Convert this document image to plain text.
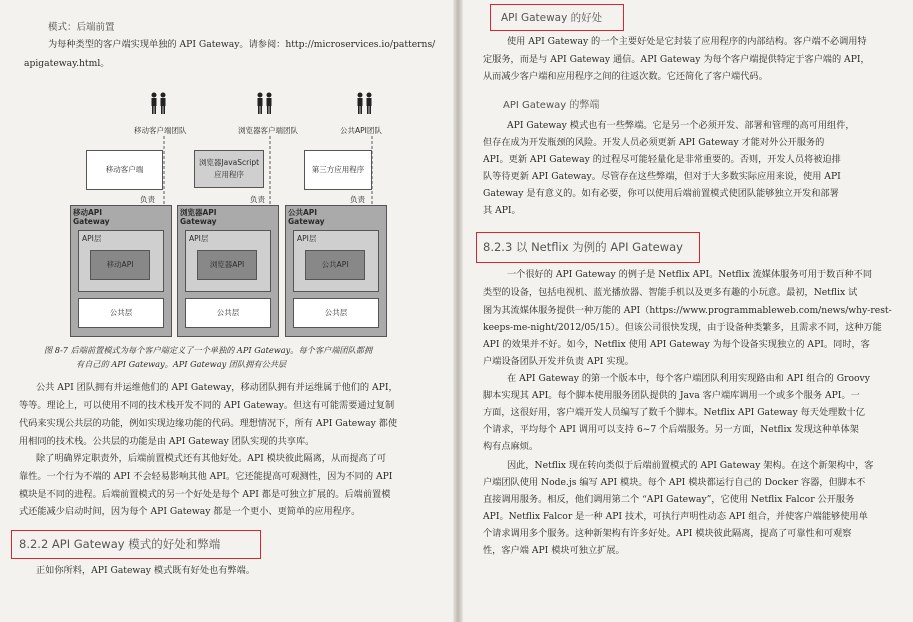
模式：后端前置
为每种类型的客户端实现单独的 API Gateway。请参阅：http://microservices.io/patterns/
apigateway.html。
移动客户端团队	浏览器客户端团队	公共API团队
移动客户端
浏览器JavaScript
应用程序
第三方应用程序
负责	负责	负责
移动API
Gateway
浏览器API
Gateway
公共API
Gateway
API层	API层	API层
移动API	浏览器API	公共API
公共层	公共层	公共层
图 8-7 后端前置模式为每个客户端定义了一个单独的 API Gateway。每个客户端团队都拥
有自己的 API Gateway。API Gateway 团队拥有公共层
公共 API 团队拥有并运维他们的 API Gateway，移动团队拥有并运维属于他们的 API，
等等。理论上，可以使用不同的技术栈开发不同的 API Gateway。但这有可能需要通过复制
代码来实现公共层的功能，例如实现边缘功能的代码。理想情况下，所有 API Gateway 都使
用相同的技术栈。公共层的功能是由 API Gateway 团队实现的共享库。
除了明确界定职责外，后端前置模式还有其他好处。API 模块彼此隔离，从而提高了可
靠性。一个行为不端的 API 不会轻易影响其他 API。它还能提高可观测性，因为不同的 API
模块是不同的进程。后端前置模式的另一个好处是每个 API 都是可独立扩展的。后端前置模
式还能减少启动时间，因为每个 API Gateway 都是一个更小、更简单的应用程序。
8.2.2 API Gateway 模式的好处和弊端
正如你所料，API Gateway 模式既有好处也有弊端。
API Gateway 的好处
使用 API Gateway 的一个主要好处是它封装了应用程序的内部结构。客户端不必调用特
定服务，而是与 API Gateway 通信。API Gateway 为每个客户端提供特定于客户端的 API，
从而减少客户端和应用程序之间的往返次数。它还简化了客户端代码。
API Gateway 的弊端
API Gateway 模式也有一些弊端。它是另一个必须开发、部署和管理的高可用组件，
但存在成为开发瓶颈的风险。开发人员必须更新 API Gateway 才能对外公开服务的
API。更新 API Gateway 的过程尽可能轻量化是非常重要的。否则，开发人员将被迫排
队等待更新 API Gateway。尽管存在这些弊端，但对于大多数实际应用来说，使用 API
Gateway 是有意义的。如有必要，你可以使用后端前置模式使团队能够独立开发和部署
其 API。
8.2.3 以 Netflix 为例的 API Gateway
一个很好的 API Gateway 的例子是 Netflix API。Netflix 流媒体服务可用于数百种不同
类型的设备，包括电视机、蓝光播放器、智能手机以及更多有趣的小玩意。最初，Netflix 试
图为其流媒体服务提供一种万能的 API（https://www.programmableweb.com/news/why-rest-
keeps-me-night/2012/05/15）。但该公司很快发现，由于设备种类繁多，且需求不同，这种万能
API 的效果并不好。如今，Netflix 使用 API Gateway 为每个设备实现独立的 API。同时，客
户端设备团队开发并负责 API 实现。
在 API Gateway 的第一个版本中，每个客户端团队利用实现路由和 API 组合的 Groovy
脚本实现其 API。每个脚本使用服务团队提供的 Java 客户端库调用一个或多个服务 API。一
方面，这很好用，客户端开发人员编写了数千个脚本。Netflix API Gateway 每天处理数十亿
个请求，平均每个 API 调用可以支持 6~7 个后端服务。另一方面，Netflix 发现这种单体架
构有点麻烦。
因此，Netflix 现在转向类似于后端前置模式的 API Gateway 架构。在这个新架构中，客
户端团队使用 Node.js 编写 API 模块。每个 API 模块都运行自己的 Docker 容器，但脚本不
直接调用服务。相反，他们调用第二个 “API Gateway”，它使用 Netflix Falcor 公开服务
API。Netflix Falcor 是一种 API 技术，可执行声明性动态 API 组合，并使客户端能够使用单
个请求调用多个服务。这种新架构有许多好处。API 模块彼此隔离，提高了可靠性和可观察
性，客户端 API 模块可独立扩展。
